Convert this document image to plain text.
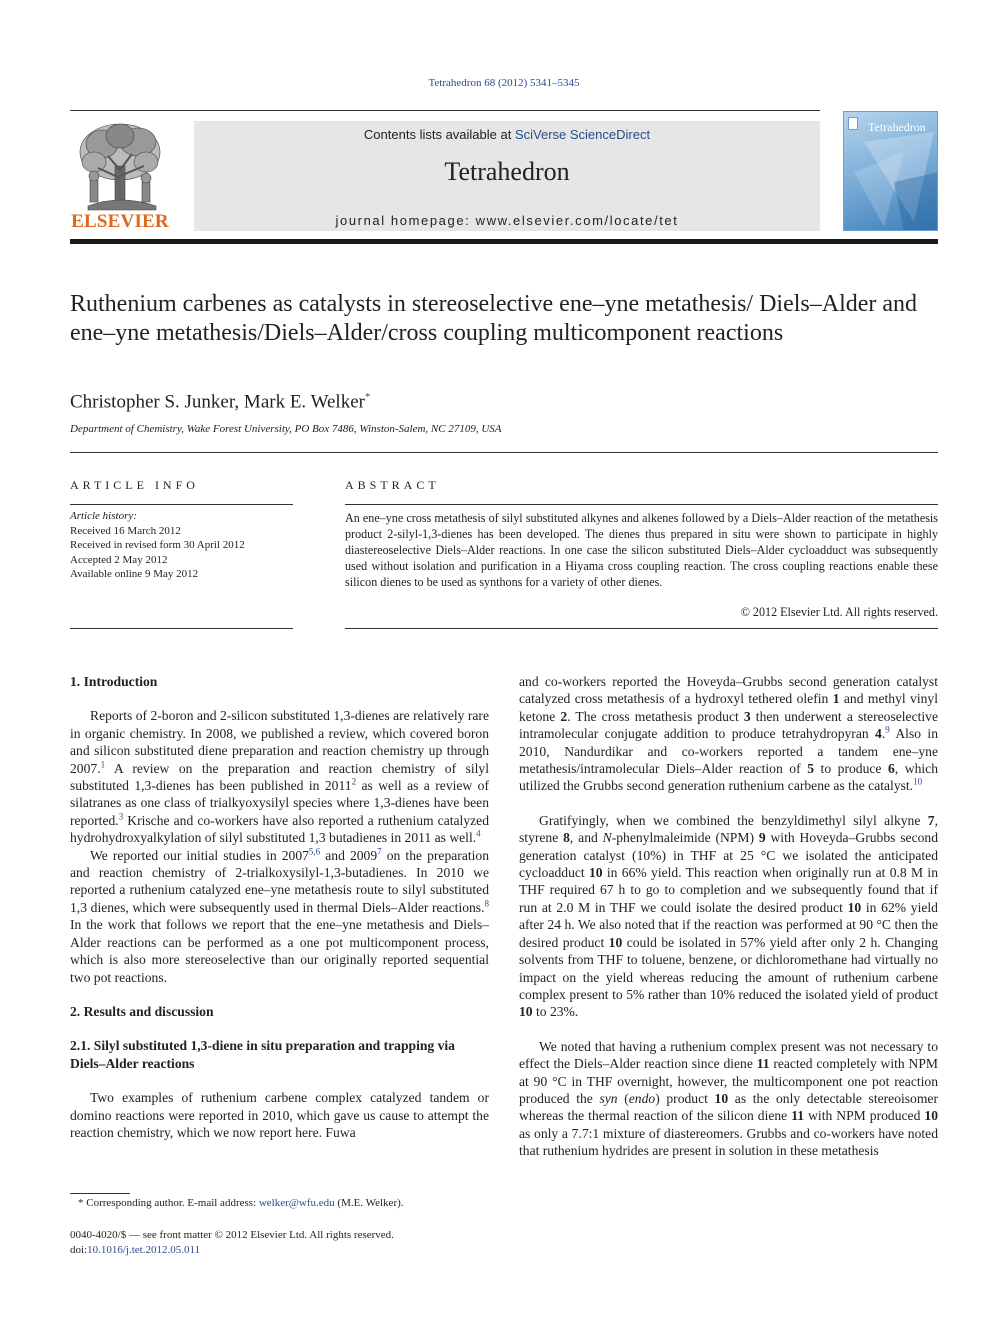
Tetrahedron 68 (2012) 5341–5345
ELSEVIER
Contents lists available at SciVerse ScienceDirect
Tetrahedron
journal homepage: www.elsevier.com/locate/tet
Tetrahedron
Ruthenium carbenes as catalysts in stereoselective ene–yne metathesis/ Diels–Alder and ene–yne metathesis/Diels–Alder/cross coupling multicomponent reactions
Christopher S. Junker, Mark E. Welker*
Department of Chemistry, Wake Forest University, PO Box 7486, Winston-Salem, NC 27109, USA
ARTICLE INFO	ABSTRACT
Article history:
Received 16 March 2012
Received in revised form 30 April 2012
Accepted 2 May 2012
Available online 9 May 2012
An ene–yne cross metathesis of silyl substituted alkynes and alkenes followed by a Diels–Alder reaction of the metathesis product 2-silyl-1,3-dienes has been developed. The dienes thus prepared in situ were shown to participate in highly diastereoselective Diels–Alder reactions. In one case the silicon substituted Diels–Alder cycloadduct was subsequently used without isolation and purification in a Hiyama cross coupling reaction. The cross coupling reactions enable these silicon dienes to be used as synthons for a variety of other dienes.
© 2012 Elsevier Ltd. All rights reserved.
1. Introduction

Reports of 2-boron and 2-silicon substituted 1,3-dienes are relatively rare in organic chemistry. In 2008, we published a review, which covered boron and silicon substituted diene preparation and reaction chemistry up through 2007.$^1$ A review on the preparation and reaction chemistry of silyl substituted 1,3-dienes has been published in 2011$^2$ as well as a review of silatranes as one class of trialkyoxysilyl species where 1,3-dienes have been reported.$^3$ Krische and co-workers have also reported a ruthenium catalyzed hydrohydroxyalkylation of silyl substituted 1,3 butadienes in 2011 as well.$^4$

We reported our initial studies in 2007$^{5,6}$ and 2009$^7$ on the preparation and reaction chemistry of 2-trialkoxysilyl-1,3-butadienes. In 2010 we reported a ruthenium catalyzed ene–yne metathesis route to silyl substituted 1,3 dienes, which were subsequently used in thermal Diels–Alder reactions.$^8$ In the work that follows we report that the ene–yne metathesis and Diels–Alder reactions can be performed as a one pot multicomponent process, which is also more stereoselective than our originally reported sequential two pot reactions.

2. Results and discussion
2.1. Silyl substituted 1,3-diene in situ preparation and trapping via Diels–Alder reactions

Two examples of ruthenium carbene complex catalyzed tandem or domino reactions were reported in 2010, which gave us cause to attempt the reaction chemistry, which we now report here. Fuwa

and co-workers reported the Hoveyda–Grubbs second generation catalyst catalyzed cross metathesis of a hydroxyl tethered olefin 1 and methyl vinyl ketone 2. The cross metathesis product 3 then underwent a stereoselective intramolecular conjugate addition to produce tetrahydropyran 4.$^9$ Also in 2010, Nandurdikar and co-workers reported a tandem ene–yne metathesis/intramolecular Diels–Alder reaction of 5 to produce 6, which utilized the Grubbs second generation ruthenium carbene as the catalyst.$^{10}$

Gratifyingly, when we combined the benzyldimethyl silyl alkyne 7, styrene 8, and N-phenylmaleimide (NPM) 9 with Hoveyda–Grubbs second generation catalyst (10%) in THF at 25 °C we isolated the anticipated cycloadduct 10 in 66% yield. This reaction when originally run at 0.8 M in THF required 67 h to go to completion and we subsequently found that if run at 2.0 M in THF we could isolate the desired product 10 in 62% yield after 24 h. We also noted that if the reaction was performed at 90 °C then the desired product 10 could be isolated in 57% yield after only 2 h. Changing solvents from THF to toluene, benzene, or dichloromethane had virtually no impact on the yield whereas reducing the amount of ruthenium carbene complex present to 5% rather than 10% reduced the isolated yield of product 10 to 23%.

We noted that having a ruthenium complex present was not necessary to effect the Diels–Alder reaction since diene 11 reacted completely with NPM at 90 °C in THF overnight, however, the multicomponent one pot reaction produced the syn (endo) product 10 as the only detectable stereoisomer whereas the thermal reaction of the silicon diene 11 with NPM produced 10 as only a 7.7:1 mixture of diastereomers. Grubbs and co-workers have noted that ruthenium hydrides are present in solution in these metathesis

* Corresponding author. E-mail address: welker@wfu.edu (M.E. Welker).
0040-4020/$ — see front matter © 2012 Elsevier Ltd. All rights reserved.
doi:10.1016/j.tet.2012.05.011
